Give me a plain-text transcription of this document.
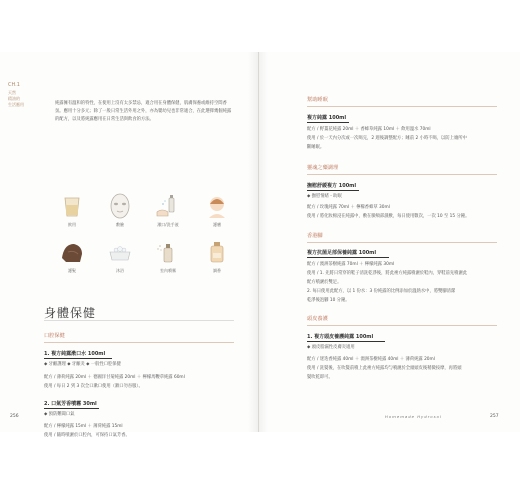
CH.1
天然
精油的
生活應用	純露擁有溫和的特性，在使用上沒有太多禁忌，適合用在身體保健，肌膚保養或維持空間香氛。應用十分多元；除了一般日常生活外用之外，亦為嬰幼兒也非常適合，在此選擇幾個純露的配方，以及將純露應用在日常生活與飲食的方法。
飲用	敷臉	漱口/洗手液	護膚
護髮	沐浴	室內噴霧	調香
身體保健
口腔保健
1. 複方純露漱口水 100ml
◆ 牙齦護理 ◆ 牙齦炎 ◆ 一般性口腔保健
配方 / 薄荷純露 20ml ＋ 德國洋甘菊純露 20ml ＋ 檸檬馬鞭草純露 60ml
使用 / 每日 2 到 3 次全口漱口使用（漱口勿吞服）。
2. 口氣芳香噴霧 30ml
◆ 預防難聞口氣
配方 / 檸檬純露 15ml ＋ 薄荷純露 15ml
使用 / 隨時噴灑於口腔內，可保持口氣芳香。
幫助睡眠
複方純露 100ml
配方 / 野薑花純露 20ml ＋ 香蜂草純露 10ml ＋ 飲用溫水 70ml
使用 / 於一天內分次或一次喝完，2 週後調整配方；睡前 2 小時不喝，以防上廁所中
斷睡眠。
靈魂之藥調理
撫慰舒緩複方 100ml
◆ 撫慰情緒・助眠
配方 / 玫瑰純露 70ml ＋ 檸檬香蜂草 30ml
使用 / 將化妝棉浸在純露中，敷在臉頰部濕敷，每日使用數次，一次 10 至 15 分鐘。
香港腳
複方抗菌足部保養純露 100ml
配方 / 澳洲茶樹純露 70ml ＋ 檸檬純露 30ml
使用 / 1. 先將日常穿的鞋子清洗乾淨後，將此複方純露噴灑於鞋內，穿鞋前先噴灑此
配方噴灑於雙足。
2. 每日使用此配方，以 1 份水：3 份純露的比例添加於溫熱水中，將雙腳清潔
乾淨後泡腳 10 分鐘。
頭皮養護
1. 複方頭皮養護純露 100ml
◆ 頭皮脂漏性皮膚炎適用
配方 / 迷迭香純露 40ml ＋ 澳洲茶樹純露 40ml ＋ 薄荷純露 20ml
使用 / 洗髮後，在吹髮前噴上此複方純露均勻噴灑於全頭頭皮後稍微按摩，再將頭
髮吹乾即可。
256	Homemade Hydrosol	257
